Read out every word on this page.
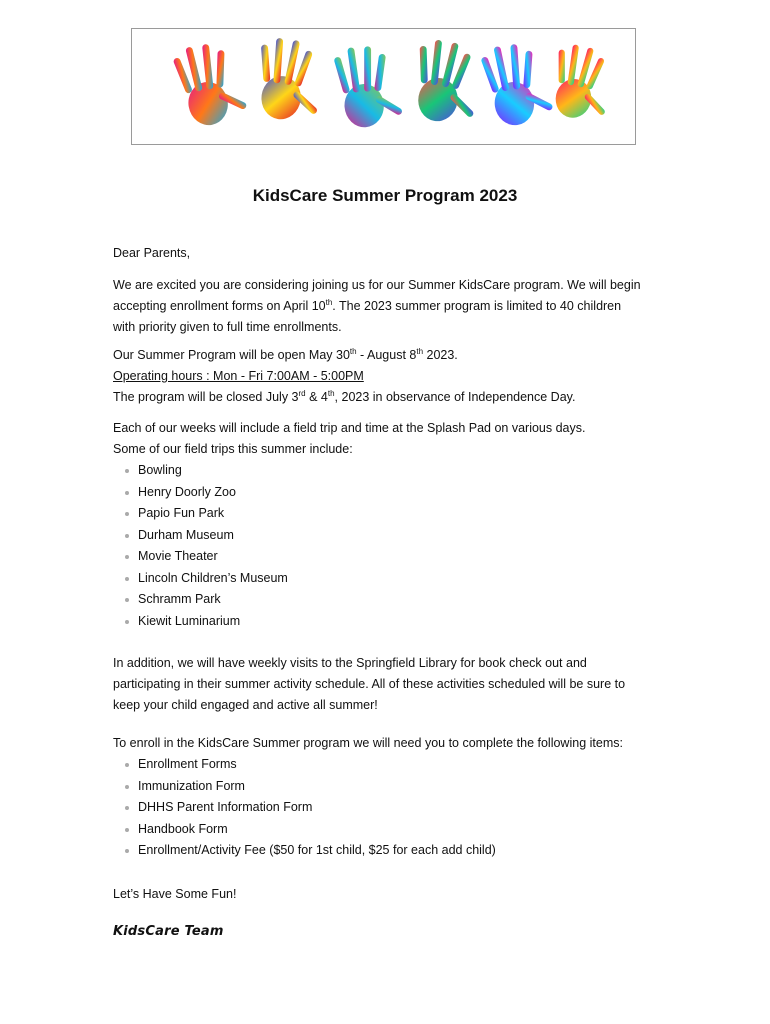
KidsCare Summer Program 2023
Dear Parents,
We are excited you are considering joining us for our Summer KidsCare program. We will begin
accepting enrollment forms on April 10th. The 2023 summer program is limited to 40 children
with priority given to full time enrollments.
Our Summer Program will be open May 30th - August 8th 2023.
Operating hours : Mon - Fri 7:00AM - 5:00PM
The program will be closed July 3rd & 4th, 2023 in observance of Independence Day.
Each of our weeks will include a field trip and time at the Splash Pad on various days.
Some of our field trips this summer include:
Bowling
Henry Doorly Zoo
Papio Fun Park
Durham Museum
Movie Theater
Lincoln Children’s Museum
Schramm Park
Kiewit Luminarium
In addition, we will have weekly visits to the Springfield Library for book check out and
participating in their summer activity schedule. All of these activities scheduled will be sure to
keep your child engaged and active all summer!
To enroll in the KidsCare Summer program we will need you to complete the following items:
Enrollment Forms
Immunization Form
DHHS Parent Information Form
Handbook Form
Enrollment/Activity Fee ($50 for 1st child, $25 for each add child)
Let’s Have Some Fun!
KidsCare Team
